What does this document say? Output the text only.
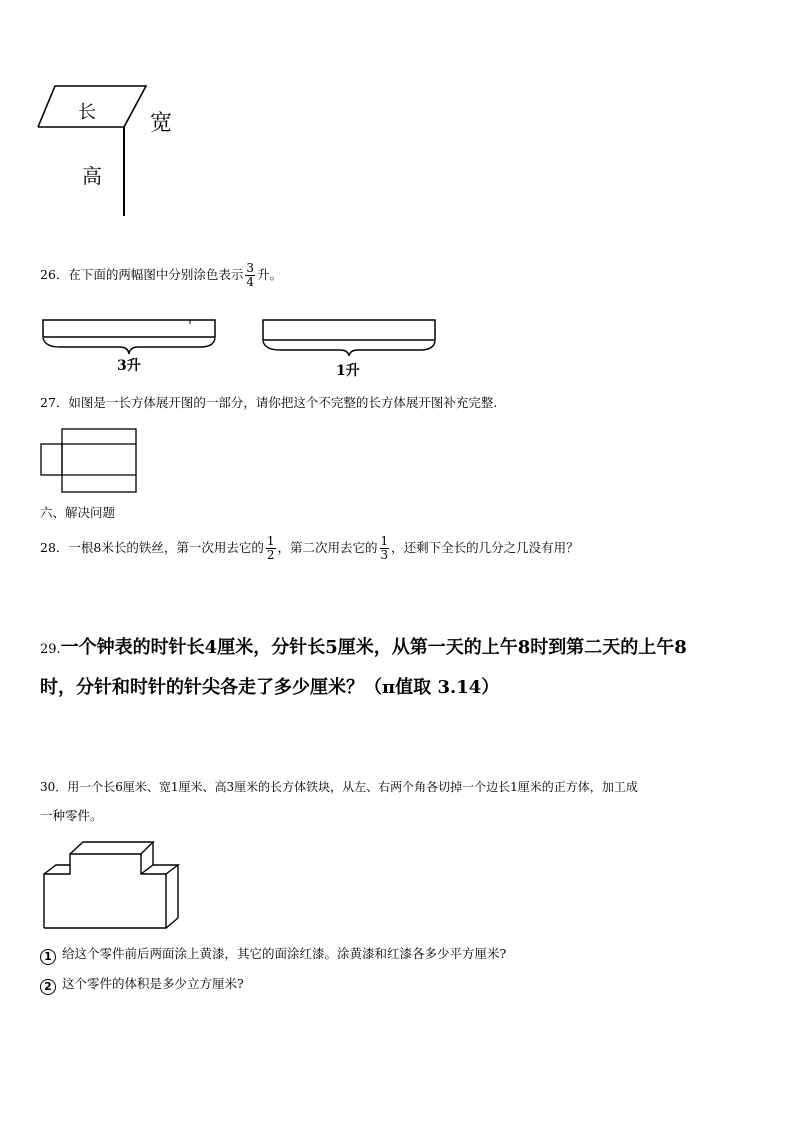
长 宽
高
26．在下面的两幅图中分别涂色表示 $\frac{3}{4}$ 升。
3升	1升
27．如图是一长方体展开图的一部分，请你把这个不完整的长方体展开图补充完整.
六、解决问题
28．一根8米长的铁丝，第一次用去它的 $\frac{1}{2}$ ，第二次用去它的 $\frac{1}{3}$ ，还剩下全长的几分之几没有用？
29.一个钟表的时针长4厘米，分针长5厘米，从第一天的上午8时到第二天的上午8
时，分针和时针的针尖各走了多少厘米？（π值取 3.14）
30．用一个长6厘米、宽1厘米、高3厘米的长方体铁块，从左、右两个角各切掉一个边长1厘米的正方体，加工成
一种零件。
1 给这个零件前后两面涂上黄漆，其它的面涂红漆。涂黄漆和红漆各多少平方厘米?
2 这个零件的体积是多少立方厘米?
